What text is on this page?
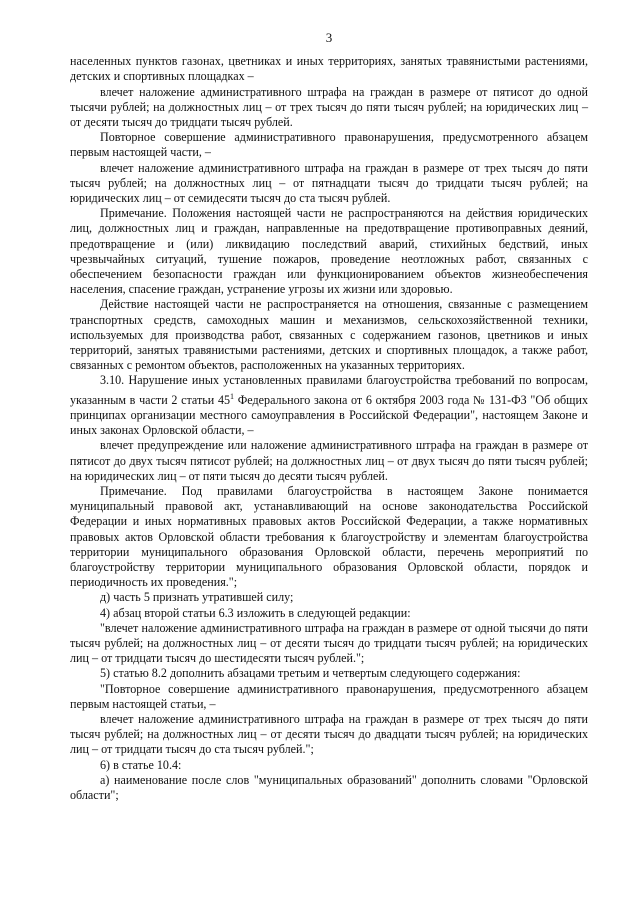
3

населенных пунктов газонах, цветниках и иных территориях, занятых травянистыми растениями, детских и спортивных площадках –

влечет наложение административного штрафа на граждан в размере от пятисот до одной тысячи рублей; на должностных лиц – от трех тысяч до пяти тысяч рублей; на юридических лиц – от десяти тысяч до тридцати тысяч рублей.

Повторное совершение административного правонарушения, предусмотренного абзацем первым настоящей части, –

влечет наложение административного штрафа на граждан в размере от трех тысяч до пяти тысяч рублей; на должностных лиц – от пятнадцати тысяч до тридцати тысяч рублей; на юридических лиц – от семидесяти тысяч до ста тысяч рублей.

Примечание. Положения настоящей части не распространяются на действия юридических лиц, должностных лиц и граждан, направленные на предотвращение противоправных деяний, предотвращение и (или) ликвидацию последствий аварий, стихийных бедствий, иных чрезвычайных ситуаций, тушение пожаров, проведение неотложных работ, связанных с обеспечением безопасности граждан или функционированием объектов жизнеобеспечения населения, спасение граждан, устранение угрозы их жизни или здоровью.

Действие настоящей части не распространяется на отношения, связанные с размещением транспортных средств, самоходных машин и механизмов, сельскохозяйственной техники, используемых для производства работ, связанных с содержанием газонов, цветников и иных территорий, занятых травянистыми растениями, детских и спортивных площадок, а также работ, связанных с ремонтом объектов, расположенных на указанных территориях.

3.10. Нарушение иных установленных правилами благоустройства требований по вопросам, указанным в части 2 статьи $45^1$ Федерального закона от 6 октября 2003 года № 131-ФЗ "Об общих принципах организации местного самоуправления в Российской Федерации", настоящем Законе и иных законах Орловской области, –

влечет предупреждение или наложение административного штрафа на граждан в размере от пятисот до двух тысяч пятисот рублей; на должностных лиц – от двух тысяч до пяти тысяч рублей; на юридических лиц – от пяти тысяч до десяти тысяч рублей.

Примечание. Под правилами благоустройства в настоящем Законе понимается муниципальный правовой акт, устанавливающий на основе законодательства Российской Федерации и иных нормативных правовых актов Российской Федерации, а также нормативных правовых актов Орловской области требования к благоустройству и элементам благоустройства территории муниципального образования Орловской области, перечень мероприятий по благоустройству территории муниципального образования Орловской области, порядок и периодичность их проведения.";

д) часть 5 признать утратившей силу;

4) абзац второй статьи 6.3 изложить в следующей редакции:

"влечет наложение административного штрафа на граждан в размере от одной тысячи до пяти тысяч рублей; на должностных лиц – от десяти тысяч до тридцати тысяч рублей; на юридических лиц – от тридцати тысяч до шестидесяти тысяч рублей.";

5) статью 8.2 дополнить абзацами третьим и четвертым следующего содержания:

"Повторное совершение административного правонарушения, предусмотренного абзацем первым настоящей статьи, –

влечет наложение административного штрафа на граждан в размере от трех тысяч до пяти тысяч рублей; на должностных лиц – от десяти тысяч до двадцати тысяч рублей; на юридических лиц – от тридцати тысяч до ста тысяч рублей.";

6) в статье 10.4:

а) наименование после слов "муниципальных образований" дополнить словами "Орловской области";
